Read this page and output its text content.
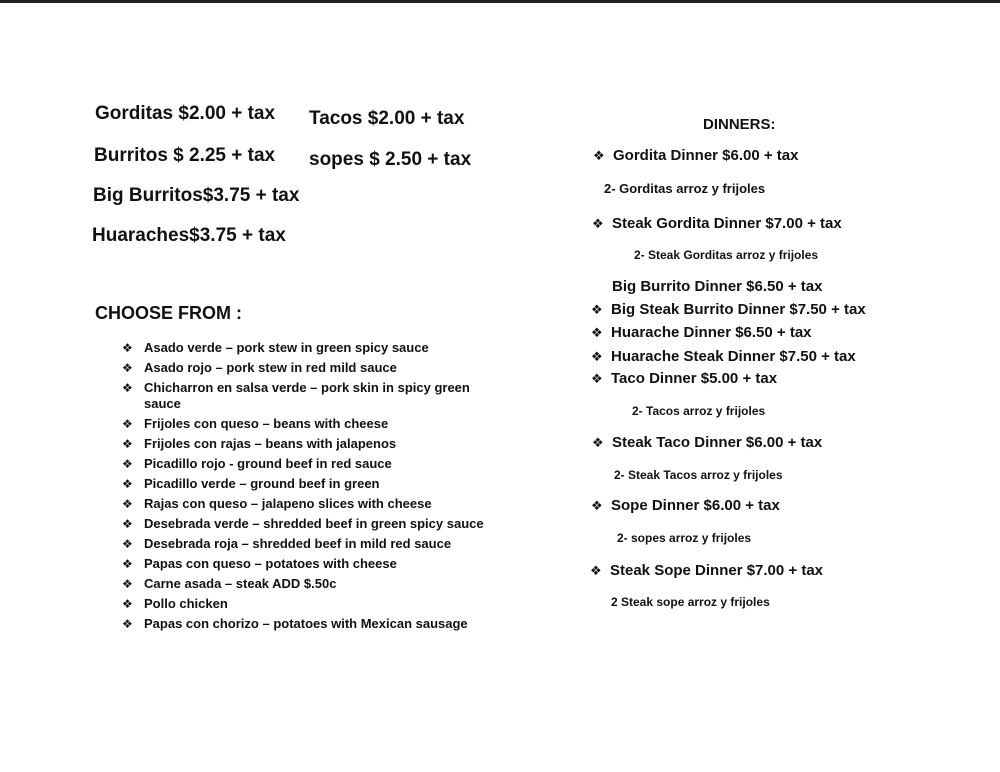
Gorditas $2.00 + tax
Burritos $ 2.25 + tax
Big Burritos$3.75 + tax
Huaraches$3.75 + tax
Tacos $2.00 + tax
sopes $ 2.50 + tax
CHOOSE FROM :
❖ Asado verde – pork stew in green spicy sauce
❖ Asado rojo – pork stew in red mild sauce
❖ Chicharron en salsa verde – pork skin in spicy green sauce
❖ Frijoles con queso – beans with cheese
❖ Frijoles con rajas – beans with jalapenos
❖ Picadillo rojo - ground beef in red sauce
❖ Picadillo verde – ground beef in green
❖ Rajas con queso – jalapeno slices with cheese
❖ Desebrada verde – shredded beef in green spicy sauce
❖ Desebrada roja – shredded beef in mild red sauce
❖ Papas con queso – potatoes with cheese
❖ Carne asada – steak ADD $.50c
❖ Pollo chicken
❖ Papas con chorizo – potatoes with Mexican sausage
DINNERS:
❖ Gordita Dinner $6.00 + tax
2- Gorditas arroz y frijoles
❖ Steak Gordita Dinner $7.00 + tax
2- Steak Gorditas arroz y frijoles
Big Burrito Dinner $6.50 + tax
❖ Big Steak Burrito Dinner $7.50 + tax
❖ Huarache Dinner $6.50 + tax
❖ Huarache Steak Dinner $7.50 + tax
❖ Taco Dinner $5.00 + tax
2- Tacos arroz y frijoles
❖ Steak Taco Dinner $6.00 + tax
2- Steak Tacos arroz y frijoles
❖ Sope Dinner $6.00 + tax
2- sopes arroz y frijoles
❖ Steak Sope Dinner $7.00 + tax
2 Steak sope arroz y frijoles
